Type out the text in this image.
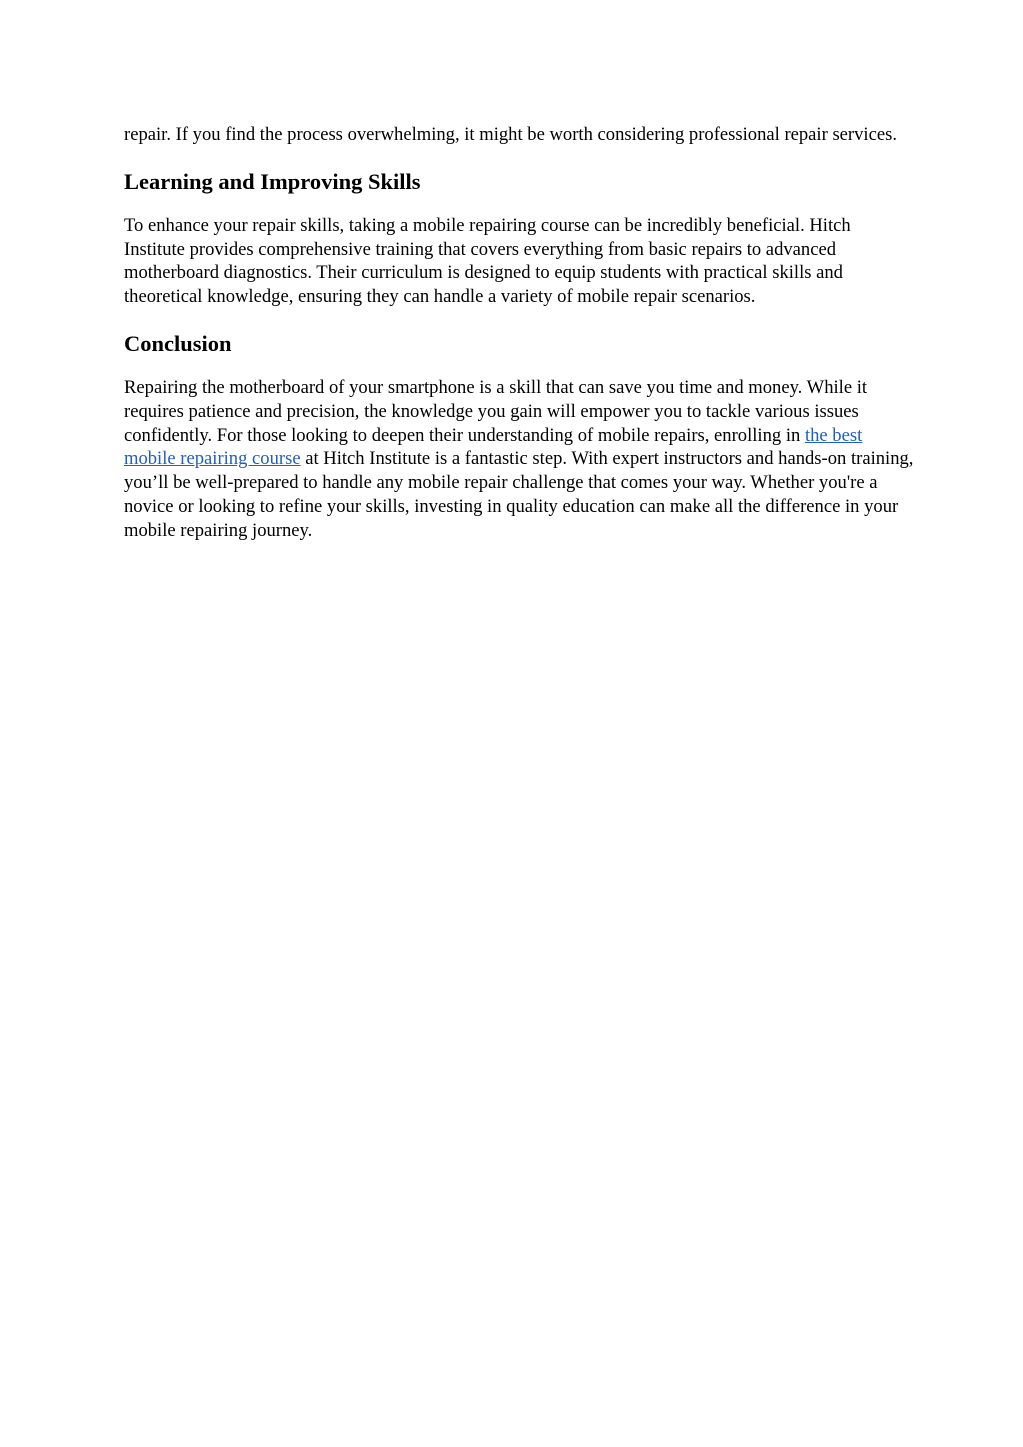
repair. If you find the process overwhelming, it might be worth considering professional repair services.

Learning and Improving Skills

To enhance your repair skills, taking a mobile repairing course can be incredibly beneficial. Hitch Institute provides comprehensive training that covers everything from basic repairs to advanced motherboard diagnostics. Their curriculum is designed to equip students with practical skills and theoretical knowledge, ensuring they can handle a variety of mobile repair scenarios.

Conclusion

Repairing the motherboard of your smartphone is a skill that can save you time and money. While it requires patience and precision, the knowledge you gain will empower you to tackle various issues confidently. For those looking to deepen their understanding of mobile repairs, enrolling in the best mobile repairing course at Hitch Institute is a fantastic step. With expert instructors and hands-on training, you’ll be well-prepared to handle any mobile repair challenge that comes your way. Whether you're a novice or looking to refine your skills, investing in quality education can make all the difference in your mobile repairing journey.
